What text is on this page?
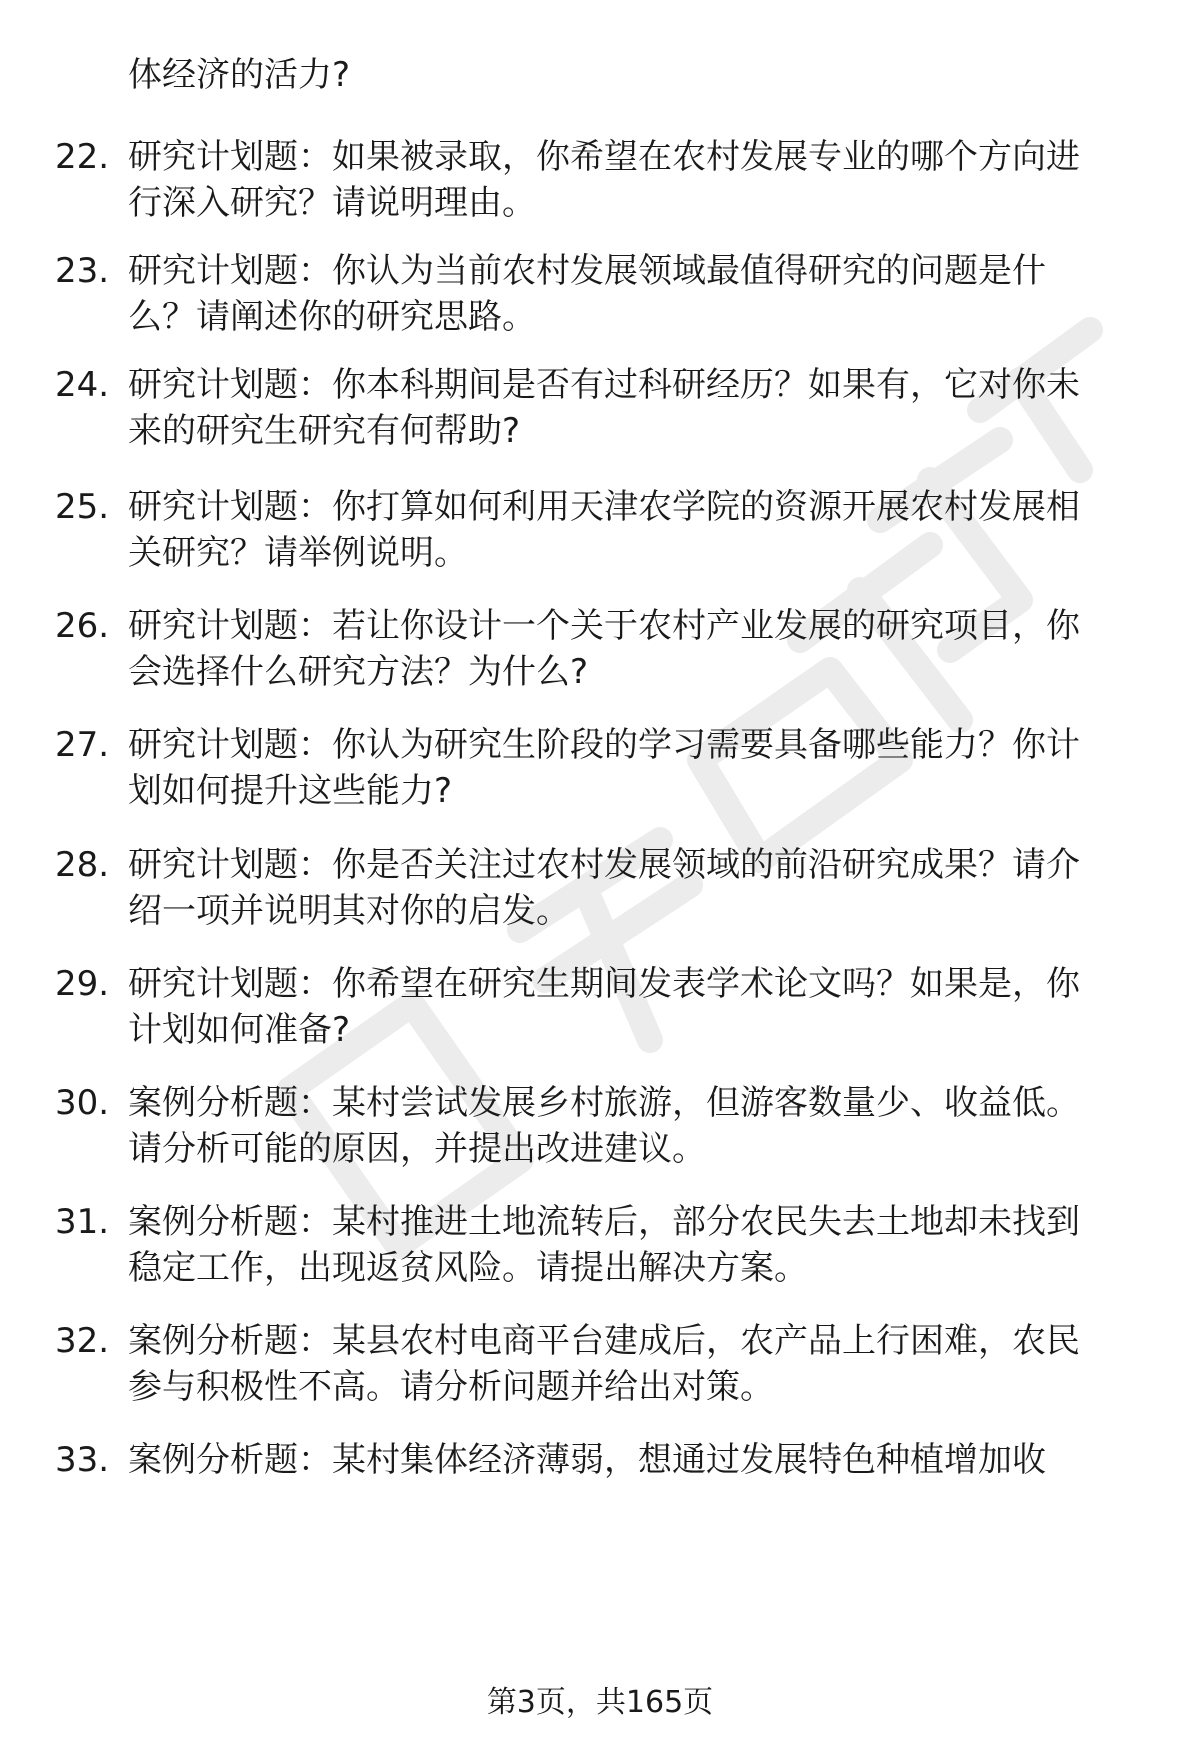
体经济的活力?
22. 研究计划题：如果被录取，你希望在农村发展专业的哪个方向进
行深入研究？请说明理由。
23. 研究计划题：你认为当前农村发展领域最值得研究的问题是什
么？请阐述你的研究思路。
24. 研究计划题：你本科期间是否有过科研经历？如果有，它对你未
来的研究生研究有何帮助?
25. 研究计划题：你打算如何利用天津农学院的资源开展农村发展相
关研究？请举例说明。
26. 研究计划题：若让你设计一个关于农村产业发展的研究项目，你
会选择什么研究方法？为什么?
27. 研究计划题：你认为研究生阶段的学习需要具备哪些能力？你计
划如何提升这些能力?
28. 研究计划题：你是否关注过农村发展领域的前沿研究成果？请介
绍一项并说明其对你的启发。
29. 研究计划题：你希望在研究生期间发表学术论文吗？如果是，你
计划如何准备?
30. 案例分析题：某村尝试发展乡村旅游，但游客数量少、收益低。
请分析可能的原因，并提出改进建议。
31. 案例分析题：某村推进土地流转后，部分农民失去土地却未找到
稳定工作，出现返贫风险。请提出解决方案。
32. 案例分析题：某县农村电商平台建成后，农产品上行困难，农民
参与积极性不高。请分析问题并给出对策。
33. 案例分析题：某村集体经济薄弱，想通过发展特色种植增加收
第3页，共165页
